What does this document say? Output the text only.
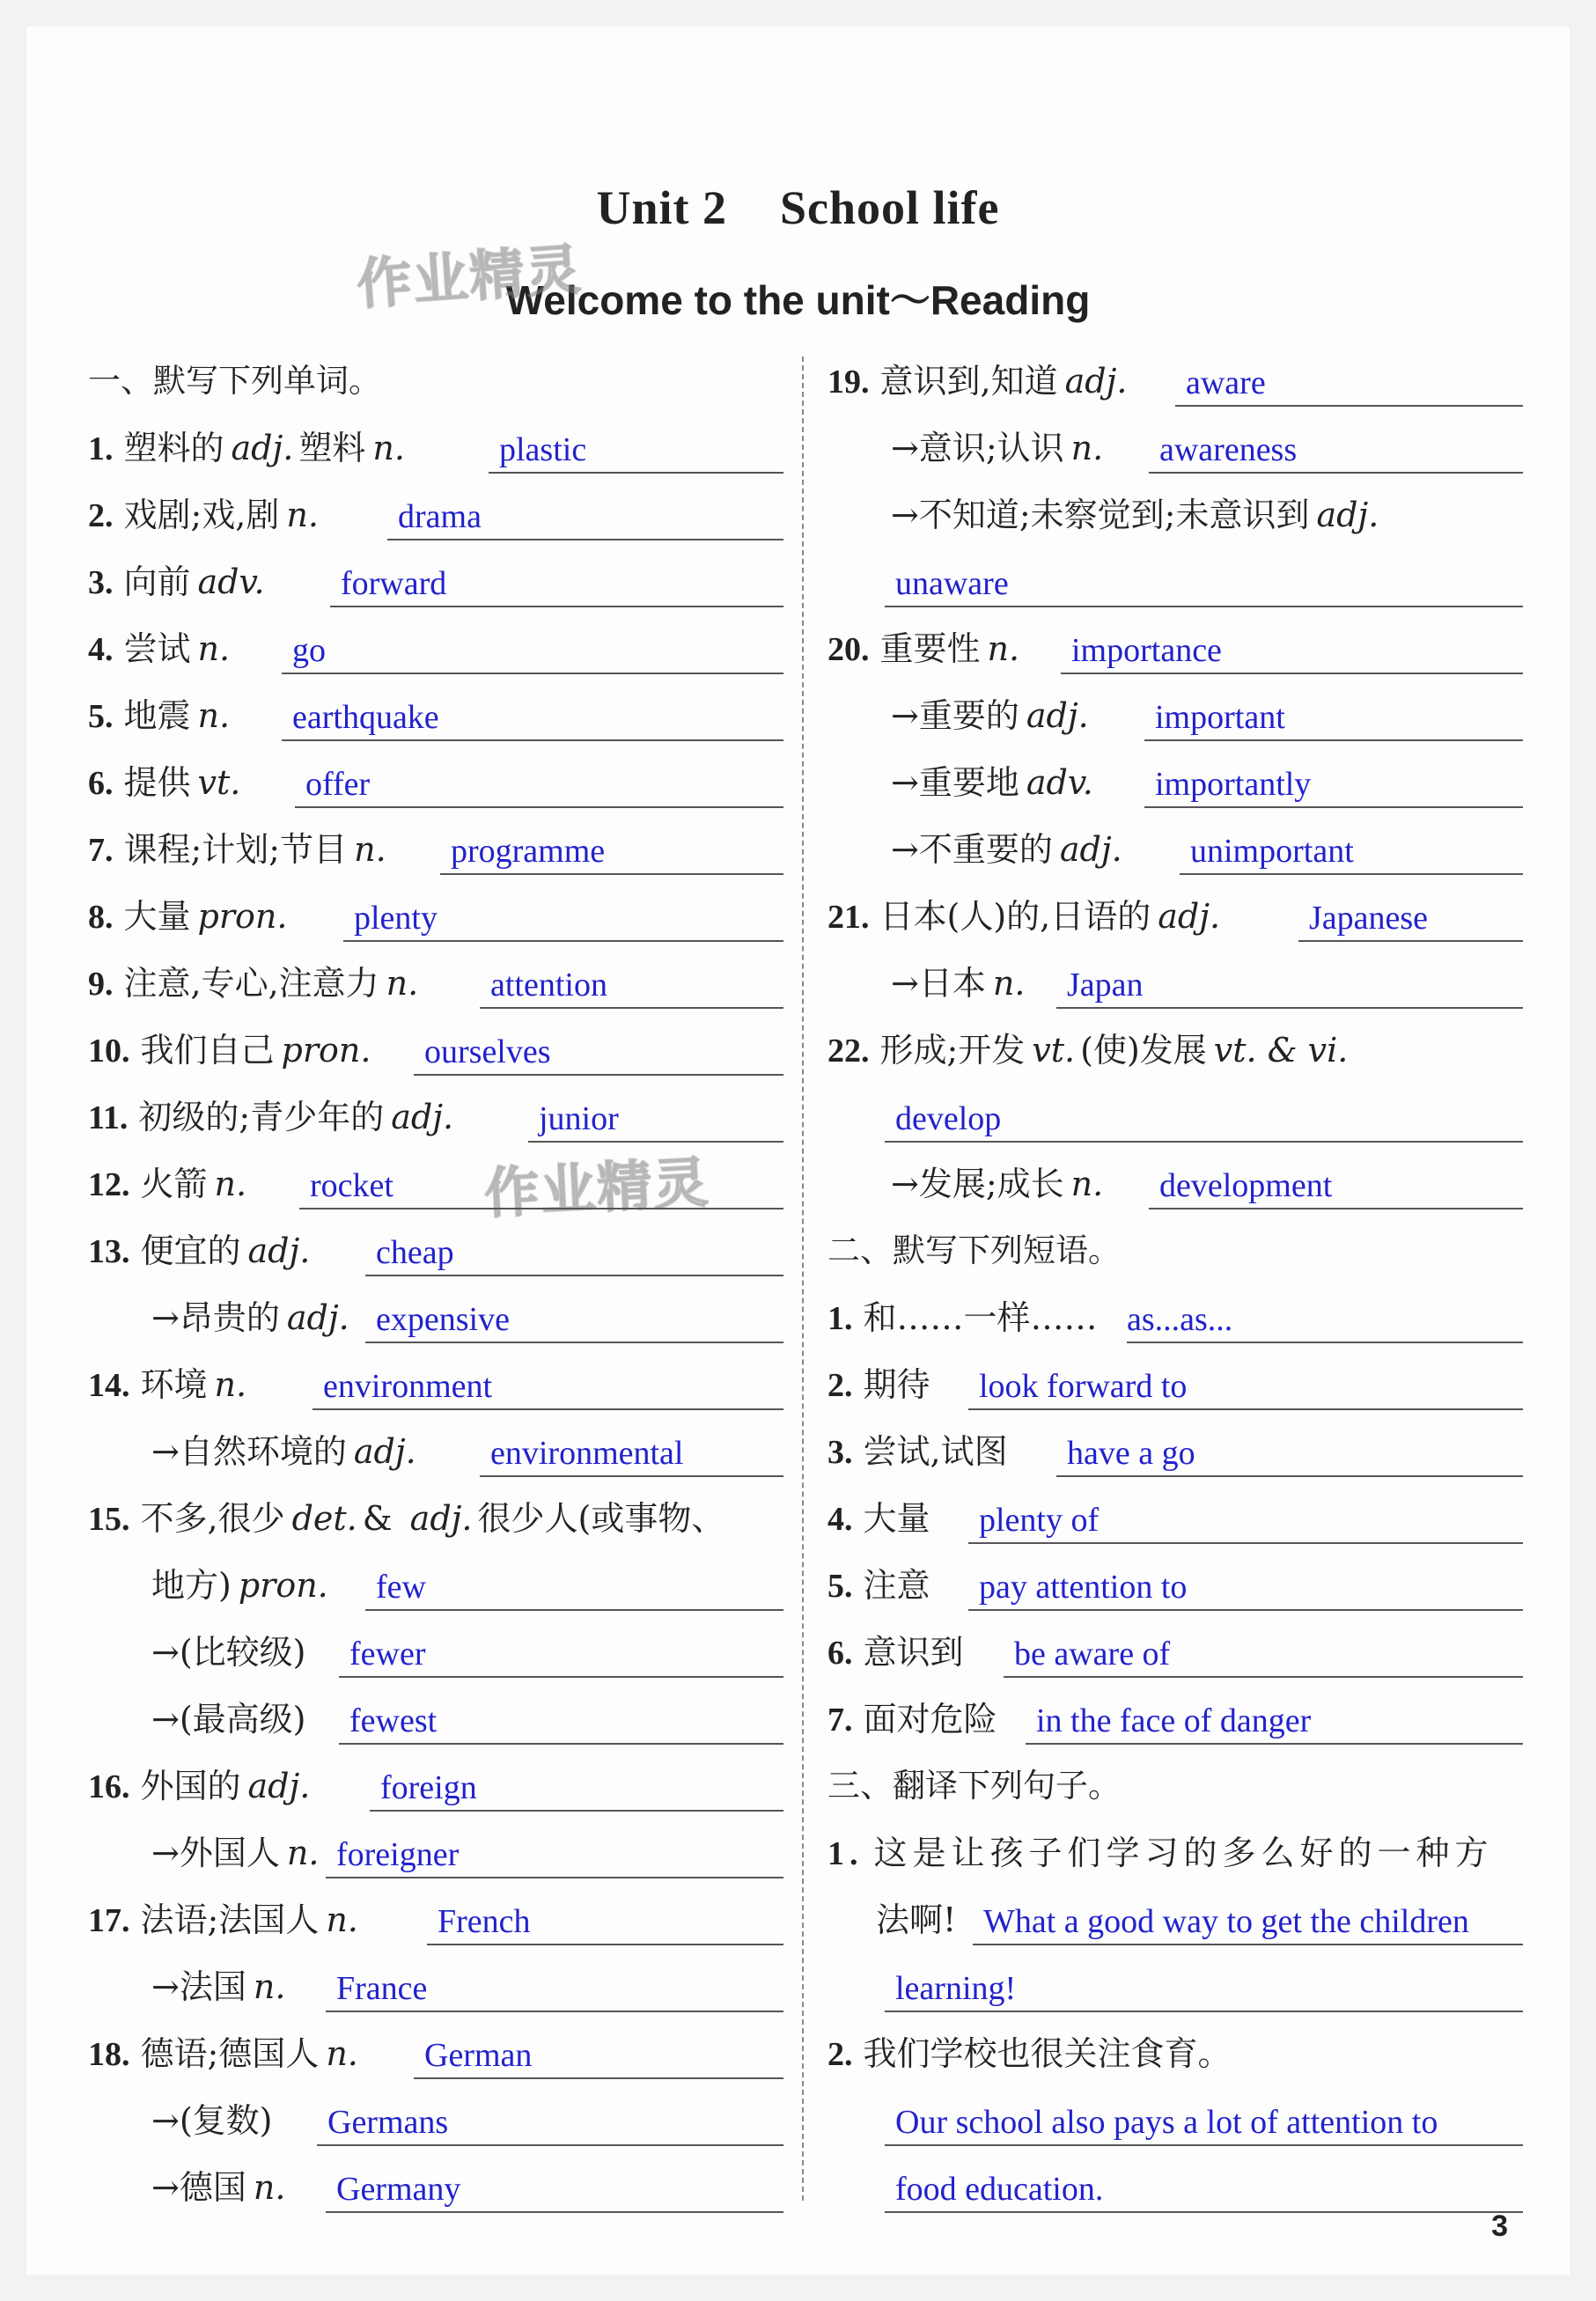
Unit 2 School life
Welcome to the unit～Reading
作业精灵
作业精灵
一、默写下列单词。
1. 塑料的 adj. 塑料 n.	plastic
2. 戏剧;戏,剧 n.	drama
3. 向前 adv.	forward
4. 尝试 n.	go
5. 地震 n.	earthquake
6. 提供 vt.	offer
7. 课程;计划;节目 n.	programme
8. 大量 pron.	plenty
9. 注意,专心,注意力 n.	attention
10. 我们自己 pron.	ourselves
11. 初级的;青少年的 adj.	junior
12. 火箭 n.	rocket
13. 便宜的 adj.	cheap
→昂贵的 adj. expensive
14. 环境 n.	environment
→自然环境的 adj.	environmental
15. 不多,很少 det. & adj. 很少人(或事物、
地方) pron.	few
→(比较级)	fewer
→(最高级)	fewest
16. 外国的 adj.	foreign
→外国人 n. foreigner
17. 法语;法国人 n.	French
→法国 n.	France
18. 德语;德国人 n.	German
→(复数)	Germans
→德国 n.	Germany
19. 意识到,知道 adj.	aware
→意识;认识 n.	awareness
→不知道;未察觉到;未意识到 adj.
unaware
20. 重要性 n.	importance
→重要的 adj.	important
→重要地 adv.	importantly
→不重要的 adj.	unimportant
21. 日本(人)的,日语的 adj.	Japanese
→日本 n.	Japan
22. 形成;开发 vt. (使)发展 vt. & vi.
develop
→发展;成长 n.	development
二、默写下列短语。
1. 和……一样…… as...as...
2. 期待	look forward to
3. 尝试,试图	have a go
4. 大量	plenty of
5. 注意	pay attention to
6. 意识到	be aware of
7. 面对危险	in the face of danger
三、翻译下列句子。
1. 这是让孩子们学习的多么好的一种方
法啊! What a good way to get the children
learning!
2. 我们学校也很关注食育。
Our school also pays a lot of attention to
food education.
3
